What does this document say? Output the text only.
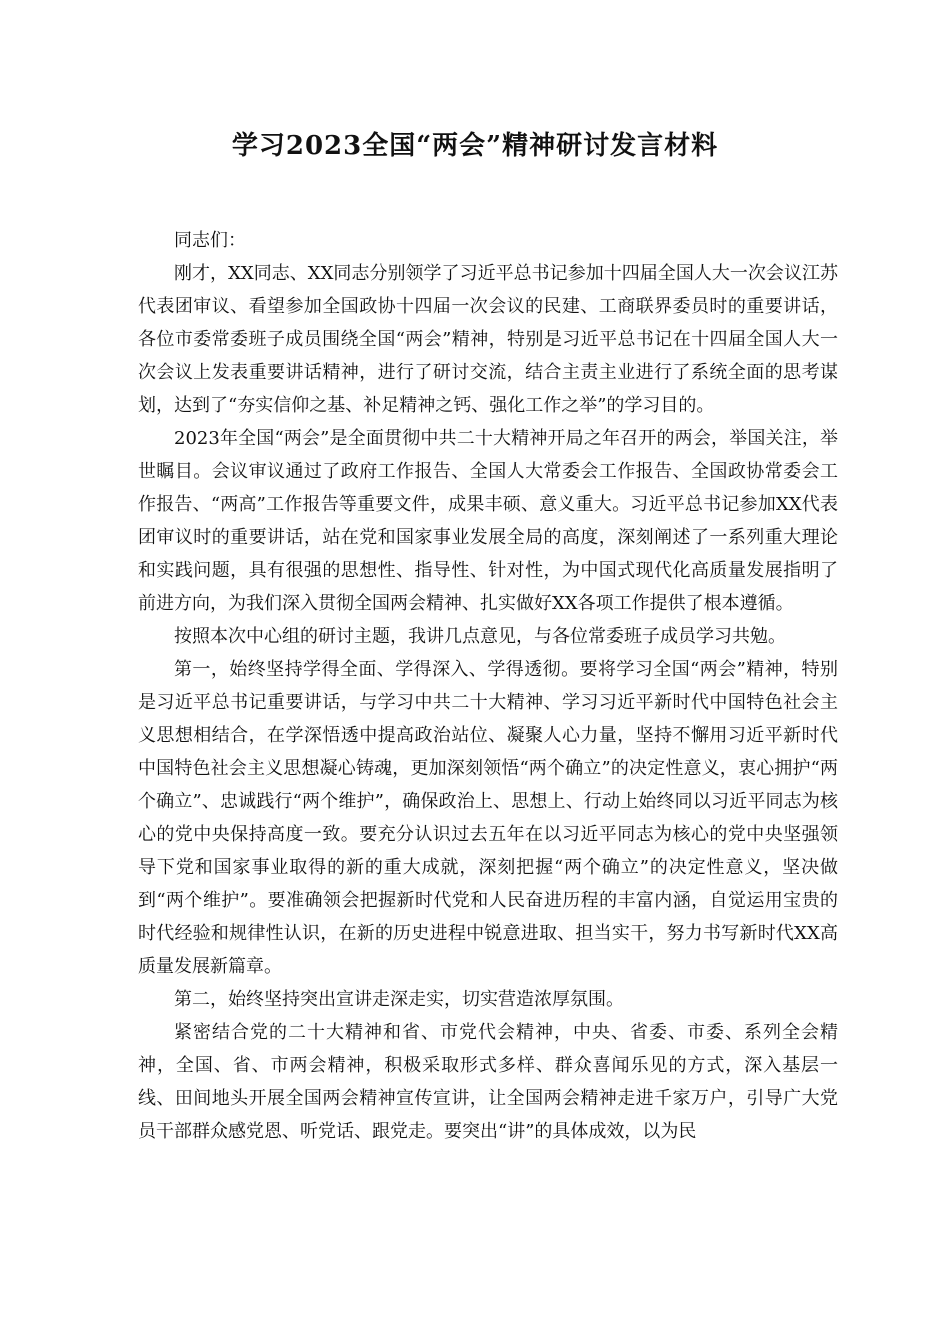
学习2023全国“两会”精神研讨发言材料

同志们：

刚才，XX同志、XX同志分别领学了习近平总书记参加十四届全国人大一次会议江苏代表团审议、看望参加全国政协十四届一次会议的民建、工商联界委员时的重要讲话，各位市委常委班子成员围绕全国“两会”精神，特别是习近平总书记在十四届全国人大一次会议上发表重要讲话精神，进行了研讨交流，结合主责主业进行了系统全面的思考谋划，达到了“夯实信仰之基、补足精神之钙、强化工作之举”的学习目的。

2023年全国“两会”是全面贯彻中共二十大精神开局之年召开的两会，举国关注，举世瞩目。会议审议通过了政府工作报告、全国人大常委会工作报告、全国政协常委会工作报告、“两高”工作报告等重要文件，成果丰硕、意义重大。习近平总书记参加XX代表团审议时的重要讲话，站在党和国家事业发展全局的高度，深刻阐述了一系列重大理论和实践问题，具有很强的思想性、指导性、针对性，为中国式现代化高质量发展指明了前进方向，为我们深入贯彻全国两会精神、扎实做好XX各项工作提供了根本遵循。

按照本次中心组的研讨主题，我讲几点意见，与各位常委班子成员学习共勉。

第一，始终坚持学得全面、学得深入、学得透彻。要将学习全国“两会”精神，特别是习近平总书记重要讲话，与学习中共二十大精神、学习习近平新时代中国特色社会主义思想相结合，在学深悟透中提高政治站位、凝聚人心力量，坚持不懈用习近平新时代中国特色社会主义思想凝心铸魂，更加深刻领悟“两个确立”的决定性意义，衷心拥护“两个确立”、忠诚践行“两个维护”，确保政治上、思想上、行动上始终同以习近平同志为核心的党中央保持高度一致。要充分认识过去五年在以习近平同志为核心的党中央坚强领导下党和国家事业取得的新的重大成就，深刻把握“两个确立”的决定性意义，坚决做到“两个维护”。要准确领会把握新时代党和人民奋进历程的丰富内涵，自觉运用宝贵的时代经验和规律性认识，在新的历史进程中锐意进取、担当实干，努力书写新时代XX高质量发展新篇章。

第二，始终坚持突出宣讲走深走实，切实营造浓厚氛围。

紧密结合党的二十大精神和省、市党代会精神，中央、省委、市委、系列全会精神，全国、省、市两会精神，积极采取形式多样、群众喜闻乐见的方式，深入基层一线、田间地头开展全国两会精神宣传宣讲，让全国两会精神走进千家万户，引导广大党员干部群众感党恩、听党话、跟党走。要突出“讲”的具体成效，以为民
